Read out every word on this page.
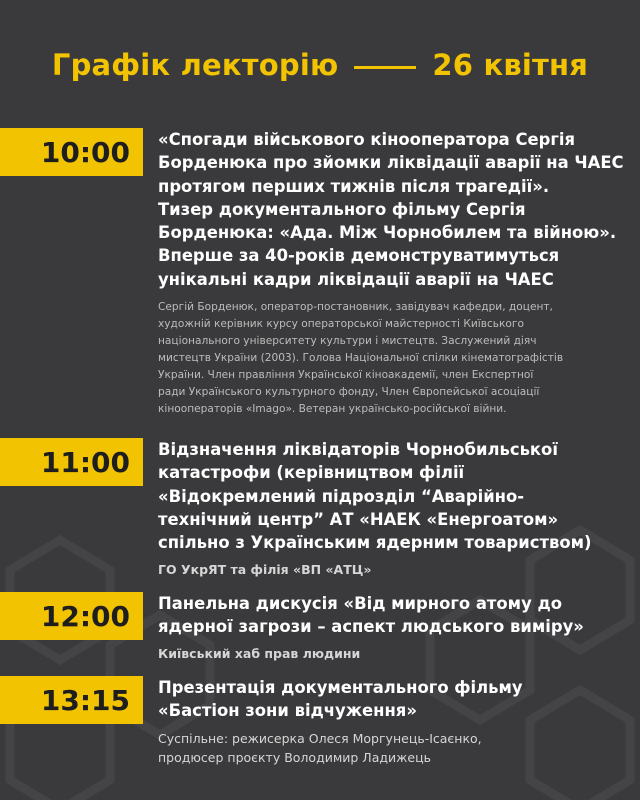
Графік лекторію	26 квітня
10:00	«Спогади військового кінооператора Сергія
Борденюка про зйомки ліквідації аварії на ЧАЕС
протягом перших тижнів після трагедії».
Тизер документального фільму Сергія
Борденюка: «Ада. Між Чорнобилем та війною».
Вперше за 40-років демонструватимуться
унікальні кадри ліквідації аварії на ЧАЕС
Сергій Борденюк, оператор-постановник, завідувач кафедри, доцент,
художній керівник курсу операторської майстерності Київського
національного університету культури і мистецтв. Заслужений діяч
мистецтв України (2003). Голова Національної спілки кінематографістів
України. Член правління Української кіноакадемії, член Експертної
ради Українського культурного фонду, Член Європейської асоціації
кінооператорів «Imago». Ветеран українсько-російської війни.
11:00	Відзначення ліквідаторів Чорнобильської
катастрофи (керівництвом філії
«Відокремлений підрозділ “Аварійно-
технічний центр” АТ «НАЕК «Енергоатом»
спільно з Українським ядерним товариством)
ГО УкрЯТ та філія «ВП «АТЦ»
12:00	Панельна дискусія «Від мирного атому до
ядерної загрози – аспект людського виміру»
Київський хаб прав людини
13:15	Презентація документального фільму
«Бастіон зони відчуження»
Суспільне: режисерка Олеся Моргунець-Ісаєнко,
продюсер проєкту Володимир Ладижець
